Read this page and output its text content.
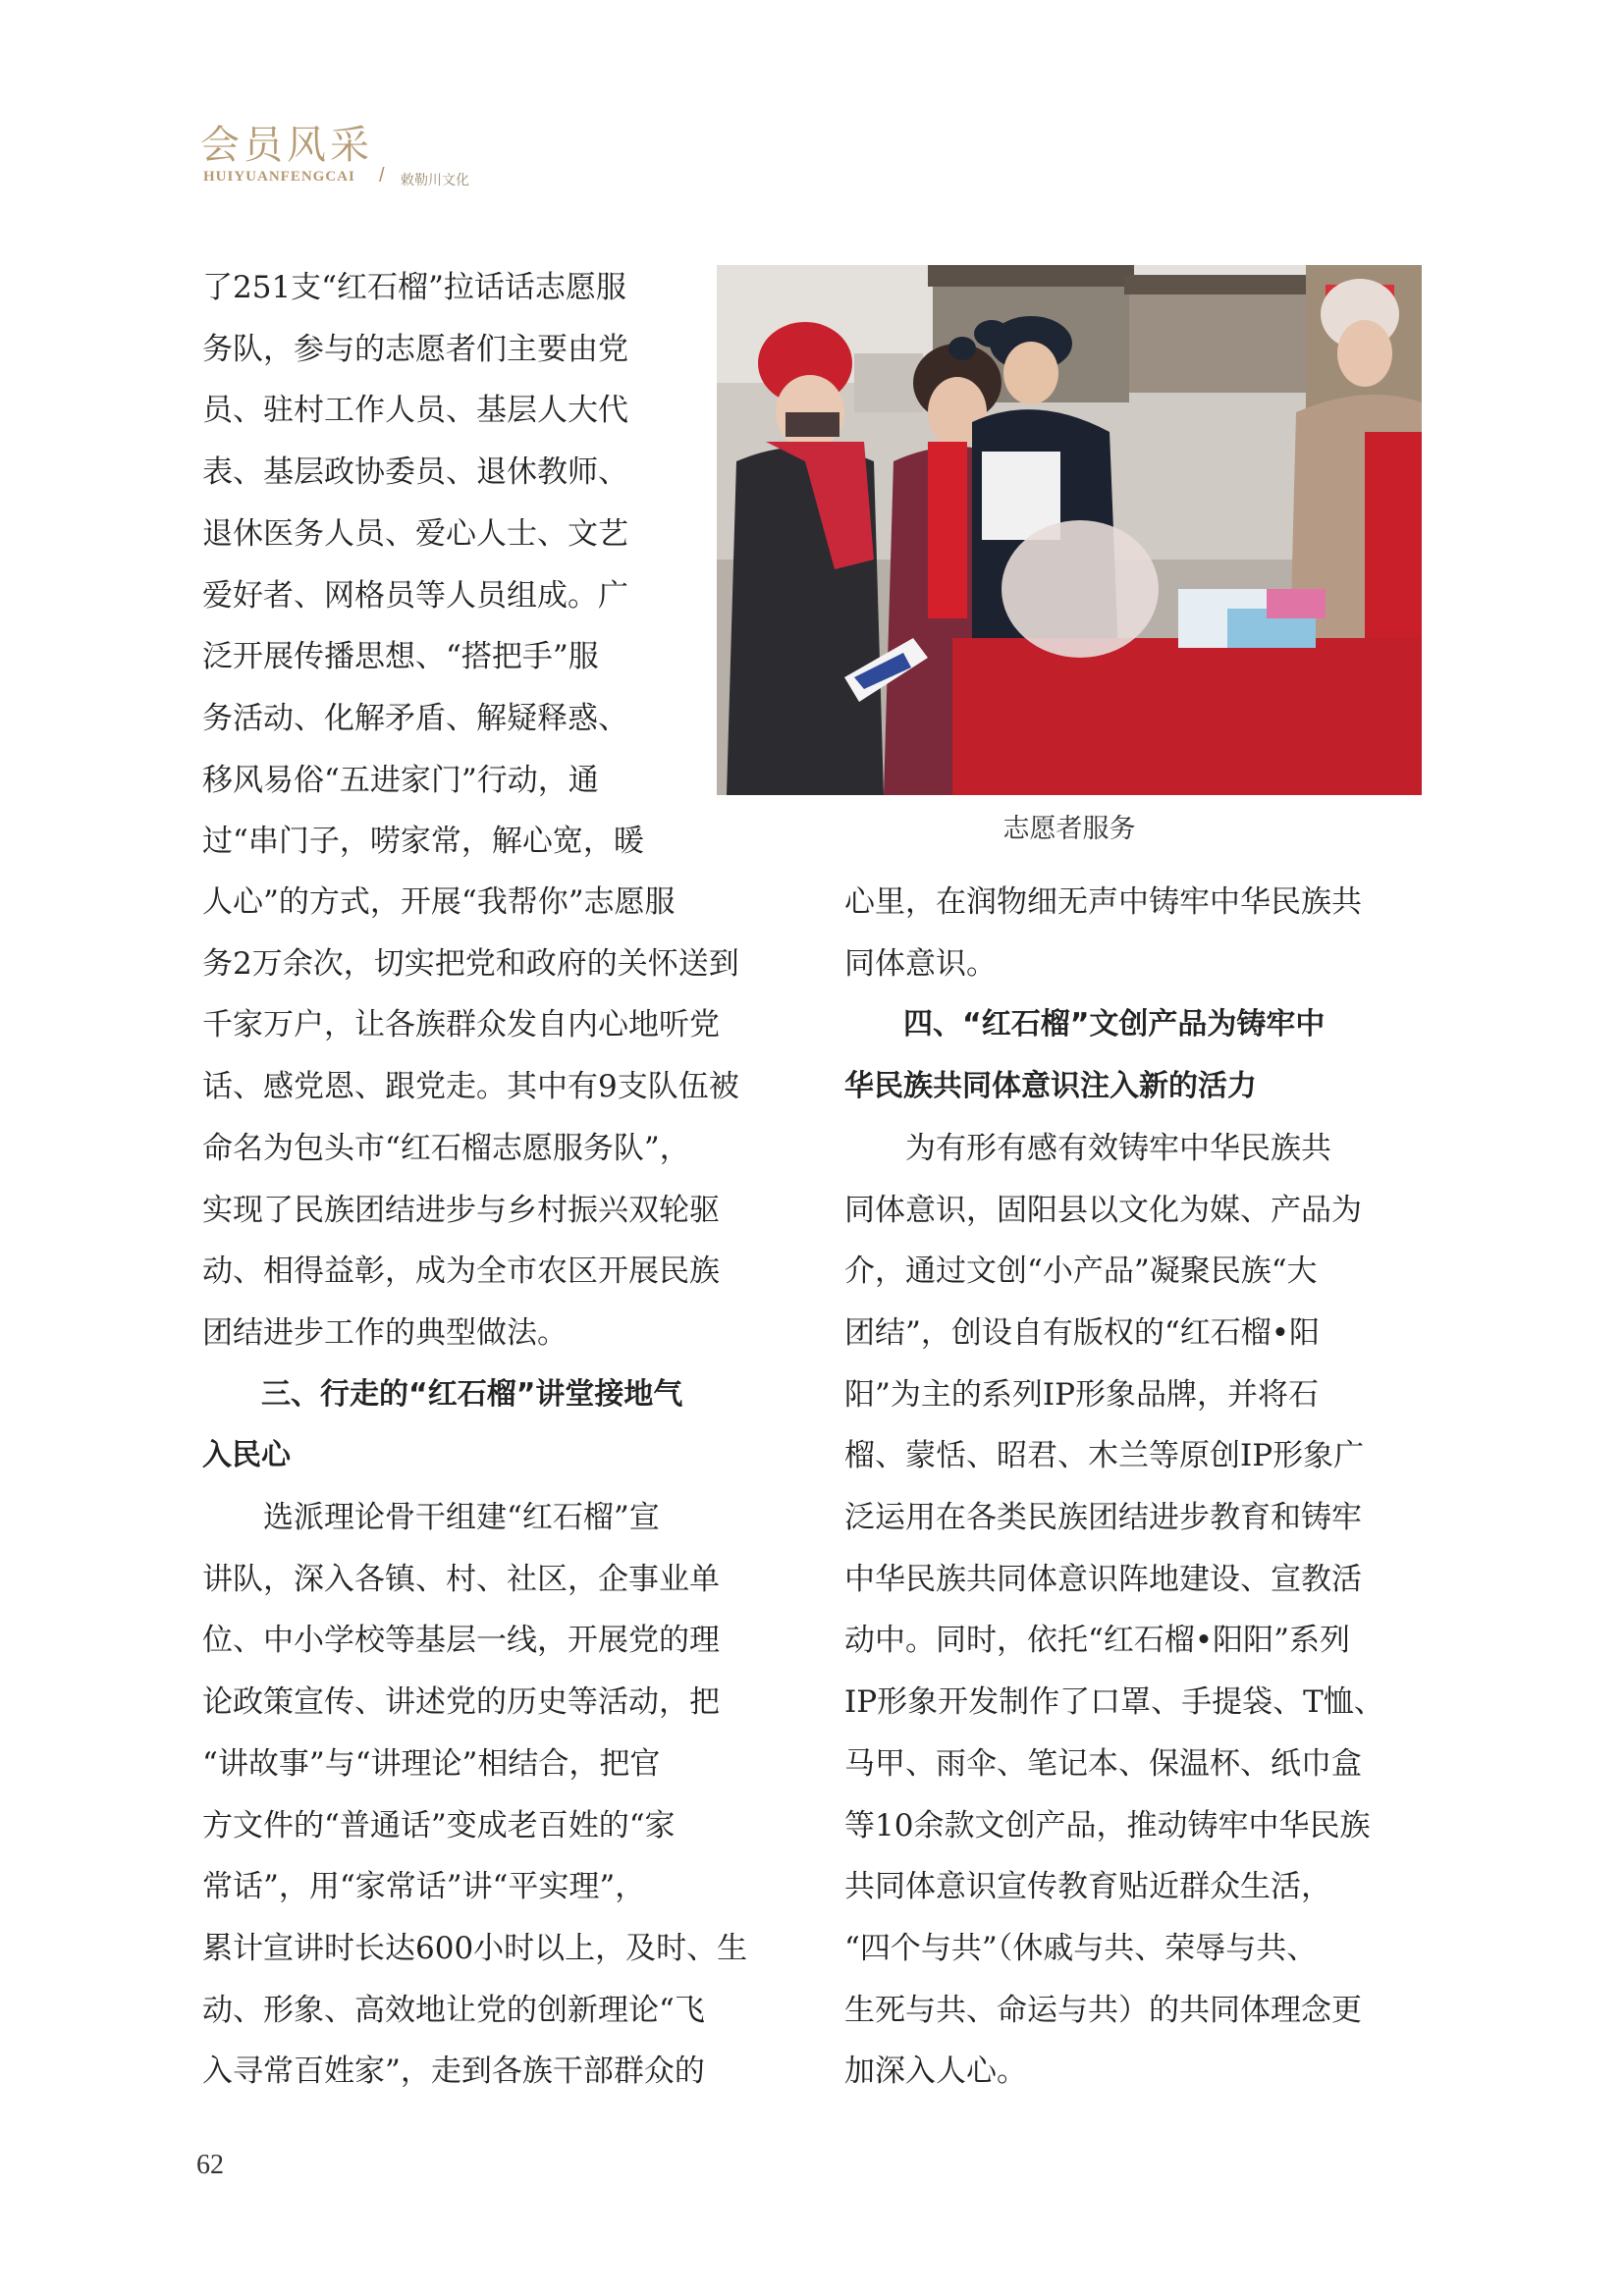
会员风采
HUIYUANFENGCAI / 敕勒川文化

了251支“红石榴”拉话话志愿服

务队，参与的志愿者们主要由党

员、驻村工作人员、基层人大代

表、基层政协委员、退休教师、

退休医务人员、爱心人士、文艺

爱好者、网格员等人员组成。广

泛开展传播思想、“搭把手”服

务活动、化解矛盾、解疑释惑、

移风易俗“五进家门”行动，通

过“串门子，唠家常，解心宽，暖	志愿者服务

人心”的方式，开展“我帮你”志愿服

务2万余次，切实把党和政府的关怀送到

千家万户，让各族群众发自内心地听党

话、感党恩、跟党走。其中有9支队伍被

命名为包头市“红石榴志愿服务队”，

实现了民族团结进步与乡村振兴双轮驱

动、相得益彰，成为全市农区开展民族

团结进步工作的典型做法。

　　三、行走的“红石榴”讲堂接地气

入民心

　　选派理论骨干组建“红石榴”宣

讲队，深入各镇、村、社区，企事业单

位、中小学校等基层一线，开展党的理

论政策宣传、讲述党的历史等活动，把

“讲故事”与“讲理论”相结合，把官

方文件的“普通话”变成老百姓的“家

常话”，用“家常话”讲“平实理”，

累计宣讲时长达600小时以上，及时、生

动、形象、高效地让党的创新理论“飞

入寻常百姓家”，走到各族干部群众的

心里，在润物细无声中铸牢中华民族共

同体意识。

　　四、“红石榴”文创产品为铸牢中

华民族共同体意识注入新的活力

　　为有形有感有效铸牢中华民族共

同体意识，固阳县以文化为媒、产品为

介，通过文创“小产品”凝聚民族“大

团结”，创设自有版权的“红石榴•阳

阳”为主的系列IP形象品牌，并将石

榴、蒙恬、昭君、木兰等原创IP形象广

泛运用在各类民族团结进步教育和铸牢

中华民族共同体意识阵地建设、宣教活

动中。同时，依托“红石榴•阳阳”系列

IP形象开发制作了口罩、手提袋、T恤、

马甲、雨伞、笔记本、保温杯、纸巾盒

等10余款文创产品，推动铸牢中华民族

共同体意识宣传教育贴近群众生活，

“四个与共”（休戚与共、荣辱与共、

生死与共、命运与共）的共同体理念更

加深入人心。

62
